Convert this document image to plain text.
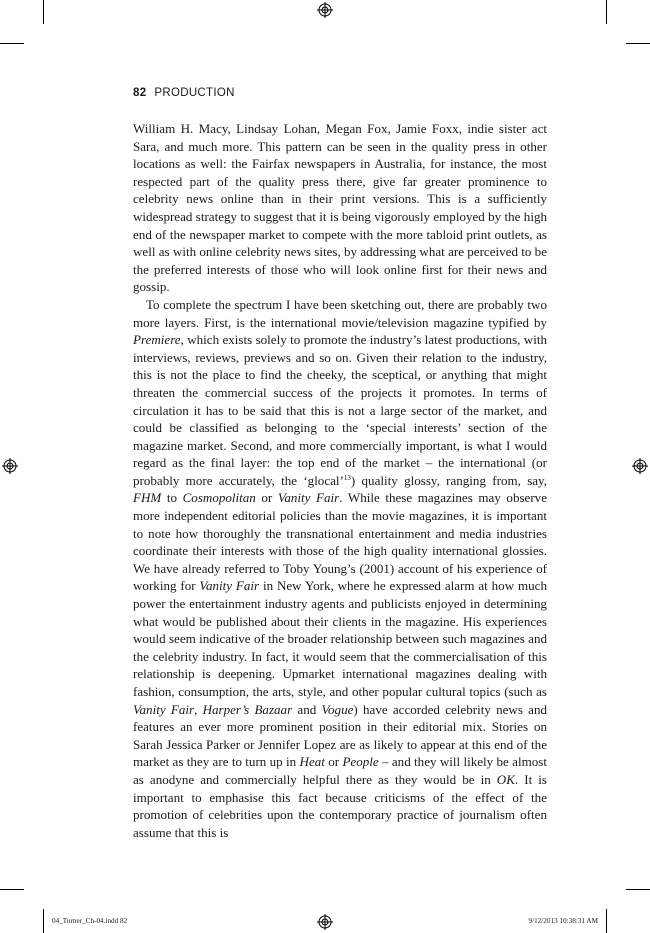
82 PRODUCTION

William H. Macy, Lindsay Lohan, Megan Fox, Jamie Foxx, indie sister act Sara, and much more. This pattern can be seen in the quality press in other locations as well: the Fairfax newspapers in Australia, for instance, the most respected part of the quality press there, give far greater prominence to celebrity news online than in their print versions. This is a sufficiently widespread strategy to suggest that it is being vigorously employed by the high end of the newspaper market to compete with the more tabloid print outlets, as well as with online celebrity news sites, by addressing what are perceived to be the preferred interests of those who will look online first for their news and gossip.

To complete the spectrum I have been sketching out, there are probably two more layers. First, is the international movie/television magazine typified by Premiere, which exists solely to promote the industry’s latest productions, with interviews, reviews, previews and so on. Given their relation to the industry, this is not the place to find the cheeky, the sceptical, or anything that might threaten the commercial success of the projects it promotes. In terms of circulation it has to be said that this is not a large sector of the market, and could be classified as belonging to the ‘special interests’ section of the magazine market. Second, and more commercially important, is what I would regard as the final layer: the top end of the market – the international (or probably more accurately, the ‘glocal’$^{13}$) quality glossy, ranging from, say, FHM to Cosmopolitan or Vanity Fair. While these magazines may observe more independent editorial policies than the movie magazines, it is important to note how thoroughly the transnational entertainment and media industries coordinate their interests with those of the high quality international glossies. We have already referred to Toby Young’s (2001) account of his experience of working for Vanity Fair in New York, where he expressed alarm at how much power the entertainment industry agents and publicists enjoyed in determining what would be published about their clients in the magazine. His experiences would seem indicative of the broader relationship between such magazines and the celebrity industry. In fact, it would seem that the commercialisation of this relationship is deepening. Upmarket international magazines dealing with fashion, consumption, the arts, style, and other popular cultural topics (such as Vanity Fair, Harper’s Bazaar and Vogue) have accorded celebrity news and features an ever more prominent position in their editorial mix. Stories on Sarah Jessica Parker or Jennifer Lopez are as likely to appear at this end of the market as they are to turn up in Heat or People – and they will likely be almost as anodyne and commercially helpful there as they would be in OK. It is important to emphasise this fact because criticisms of the effect of the promotion of celebrities upon the contemporary practice of journalism often assume that this is

04_Turner_Ch-04.indd 82	9/12/2013 10:38:31 AM
